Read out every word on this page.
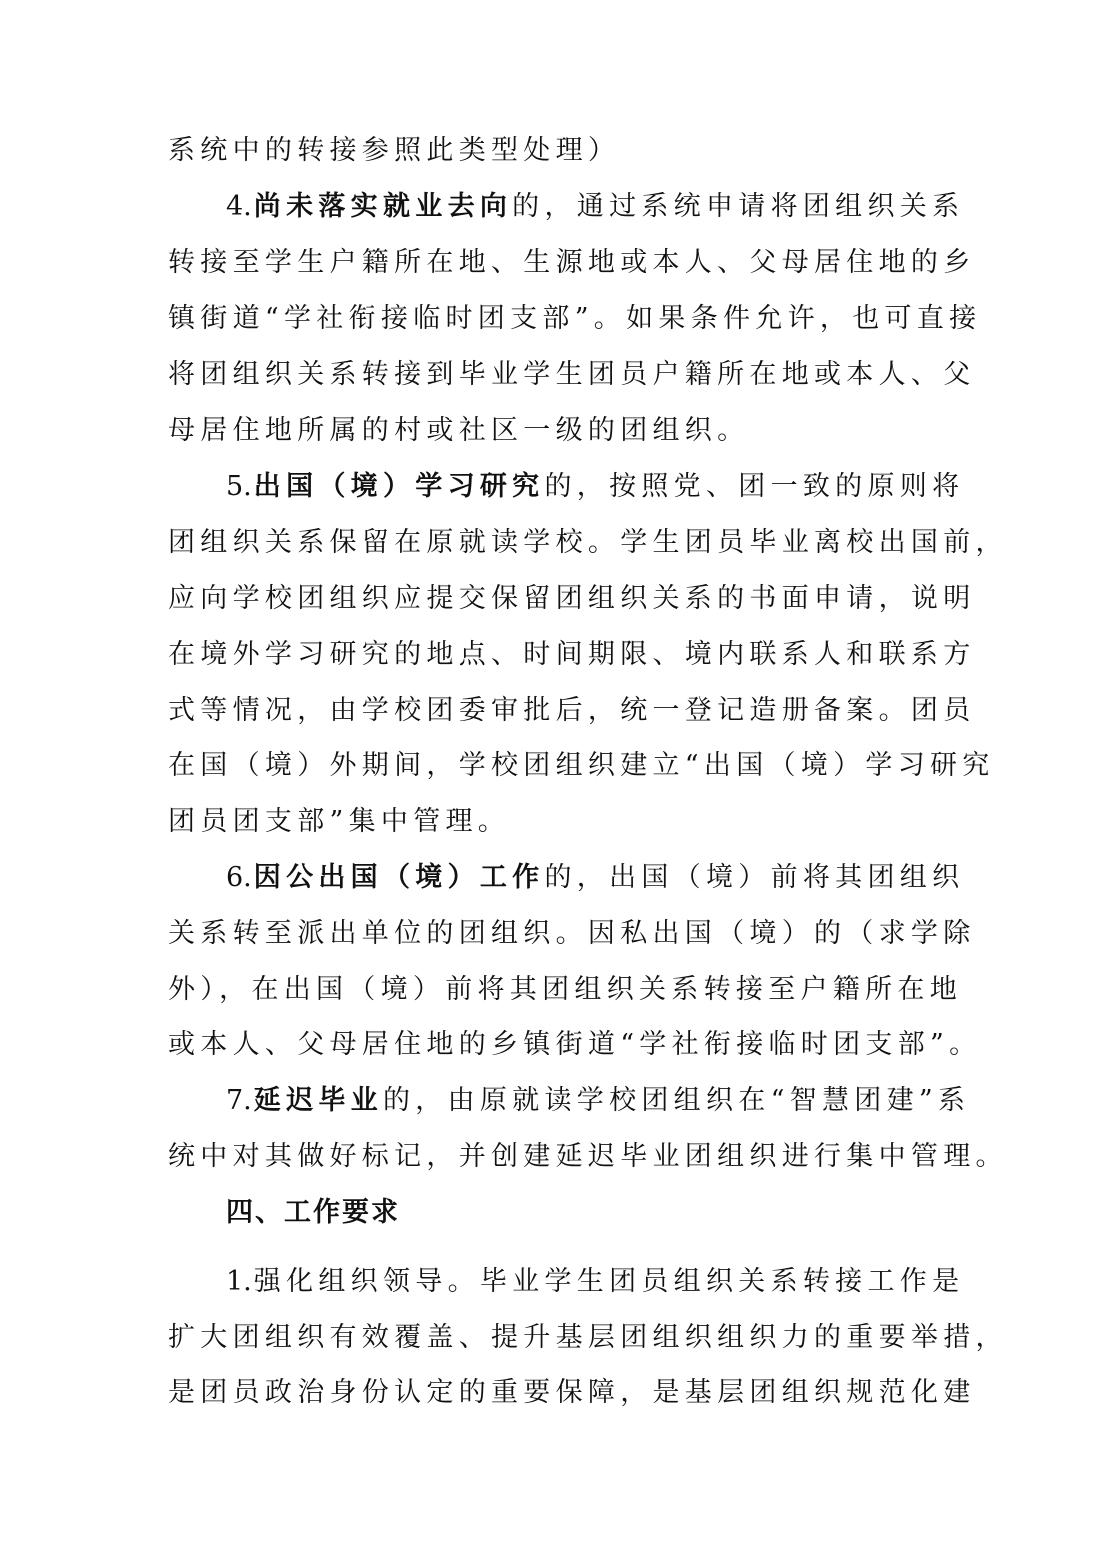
系统中的转接参照此类型处理）
4.尚未落实就业去向的，通过系统申请将团组织关系
转接至学生户籍所在地、生源地或本人、父母居住地的乡
镇街道“学社衔接临时团支部”。如果条件允许，也可直接
将团组织关系转接到毕业学生团员户籍所在地或本人、父
母居住地所属的村或社区一级的团组织。
5.出国（境）学习研究的，按照党、团一致的原则将
团组织关系保留在原就读学校。学生团员毕业离校出国前，
应向学校团组织应提交保留团组织关系的书面申请，说明
在境外学习研究的地点、时间期限、境内联系人和联系方
式等情况，由学校团委审批后，统一登记造册备案。团员
在国（境）外期间，学校团组织建立“出国（境）学习研究
团员团支部”集中管理。
6.因公出国（境）工作的，出国（境）前将其团组织
关系转至派出单位的团组织。因私出国（境）的（求学除
外），在出国（境）前将其团组织关系转接至户籍所在地
或本人、父母居住地的乡镇街道“学社衔接临时团支部”。
7.延迟毕业的，由原就读学校团组织在“智慧团建”系
统中对其做好标记，并创建延迟毕业团组织进行集中管理。
四、工作要求
1.强化组织领导。毕业学生团员组织关系转接工作是
扩大团组织有效覆盖、提升基层团组织组织力的重要举措，
是团员政治身份认定的重要保障，是基层团组织规范化建
